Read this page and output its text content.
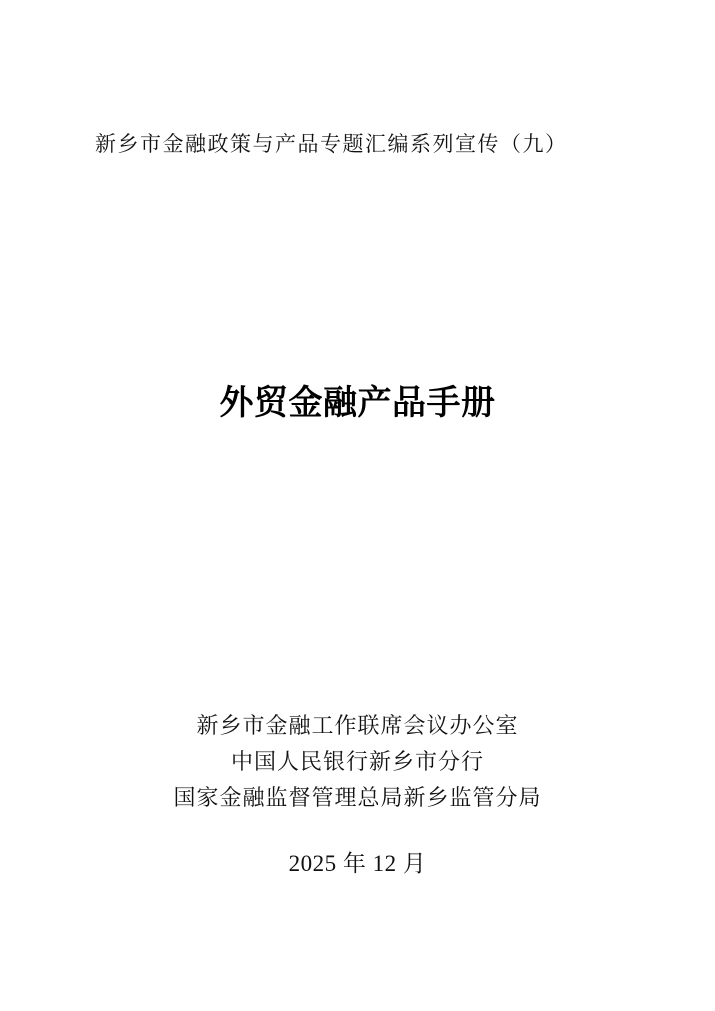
新乡市金融政策与产品专题汇编系列宣传（九）
外贸金融产品手册
新乡市金融工作联席会议办公室
中国人民银行新乡市分行
国家金融监督管理总局新乡监管分局
2025 年 12 月
